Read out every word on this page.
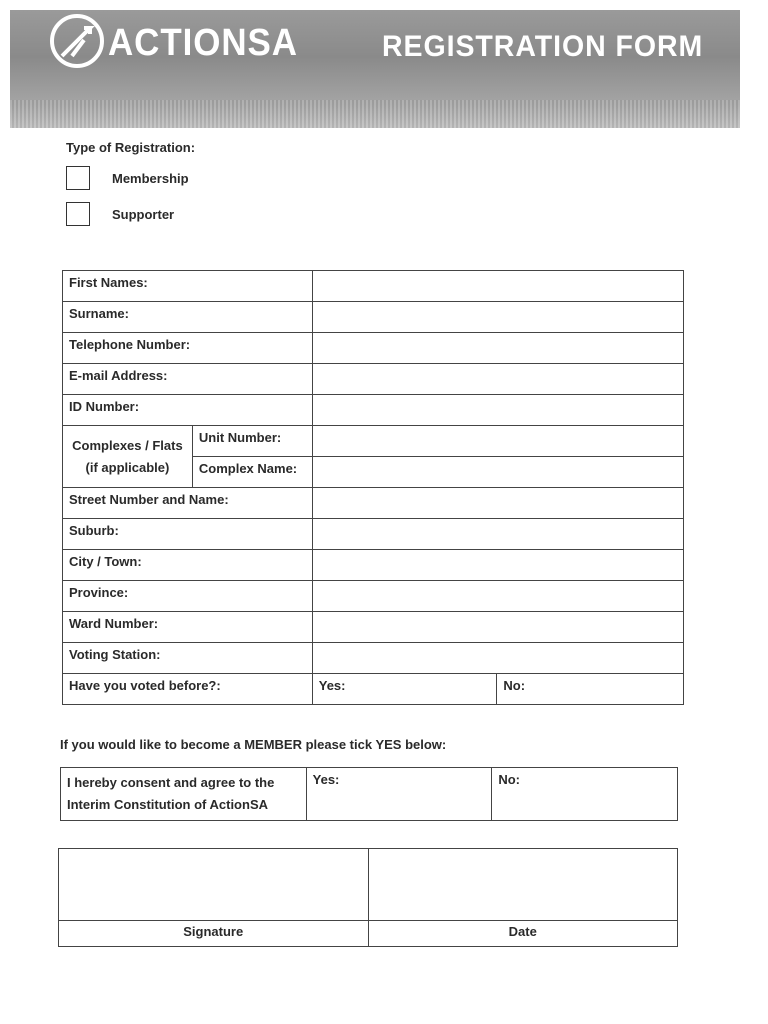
ACTIONSA	REGISTRATION FORM
Type of Registration:
Membership
Supporter
First Names:			
Surname:			
Telephone Number:			
E-mail Address:			
ID Number:			
Complexes / Flats
(if applicable)	Unit Number:		
	Complex Name:		
Street Number and Name:			
Suburb:			
City / Town:			
Province:			
Ward Number:			
Voting Station:			
Have you voted before?:		Yes:	No:
If you would like to become a MEMBER please tick YES below:
I hereby consent and agree to the
Interim Constitution of ActionSA	Yes:	No:

Signature	Date
